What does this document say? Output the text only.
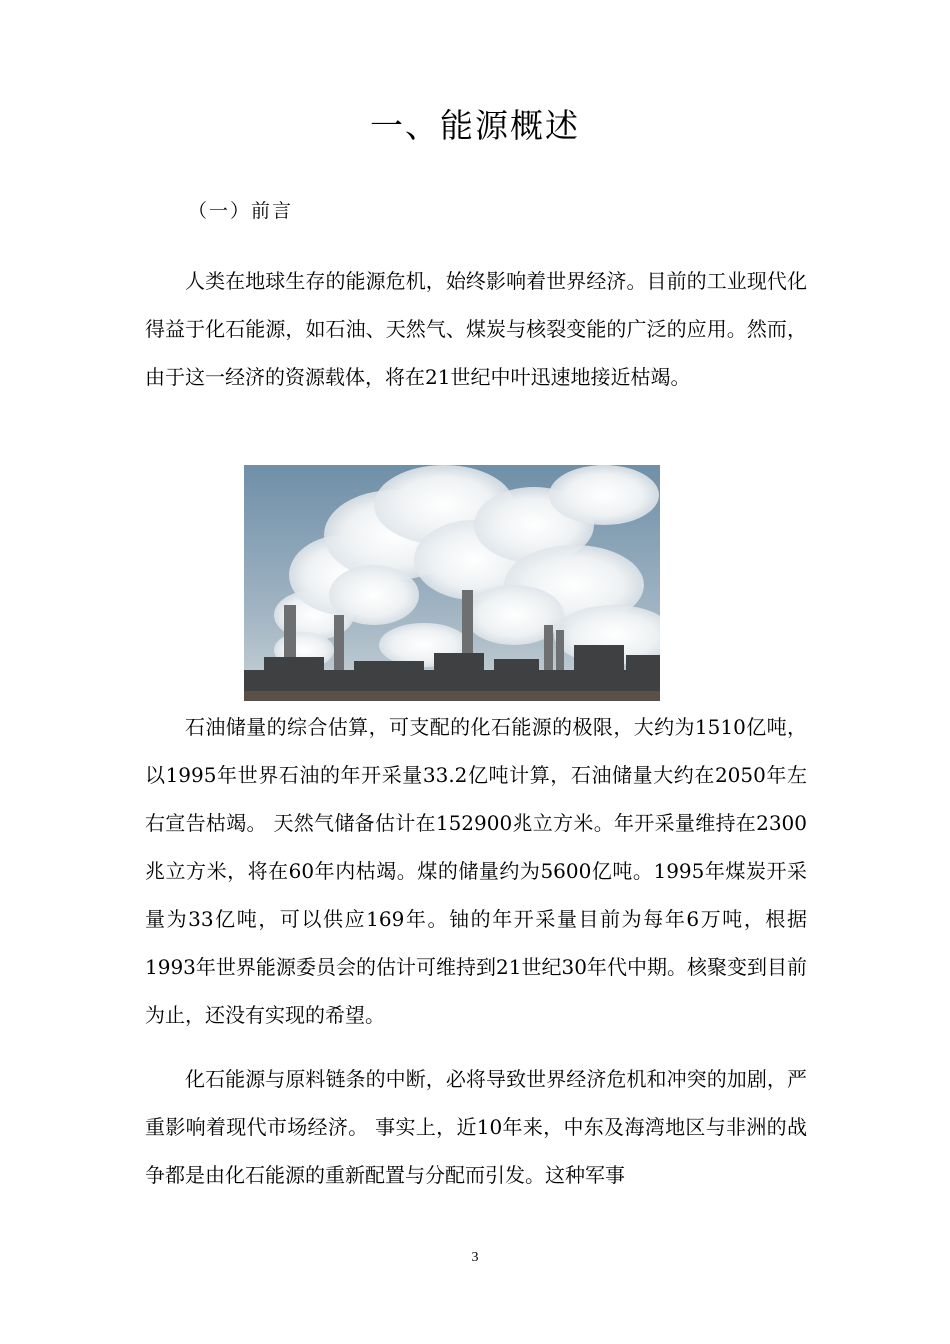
一、能源概述
（一）前言

人类在地球生存的能源危机，始终影响着世界经济。目前的工业现代化得益于化石能源，如石油、天然气、煤炭与核裂变能的广泛的应用。然而，由于这一经济的资源载体，将在21世纪中叶迅速地接近枯竭。

石油储量的综合估算，可支配的化石能源的极限，大约为1510亿吨，以1995年世界石油的年开采量33.2亿吨计算，石油储量大约在2050年左右宣告枯竭。 天然气储备估计在152900兆立方米。年开采量维持在2300兆立方米，将在60年内枯竭。煤的储量约为5600亿吨。1995年煤炭开采量为33亿吨，可以供应169年。铀的年开采量目前为每年6万吨，根据1993年世界能源委员会的估计可维持到21世纪30年代中期。核聚变到目前为止，还没有实现的希望。

化石能源与原料链条的中断，必将导致世界经济危机和冲突的加剧，严重影响着现代市场经济。 事实上，近10年来，中东及海湾地区与非洲的战争都是由化石能源的重新配置与分配而引发。这种军事

3
